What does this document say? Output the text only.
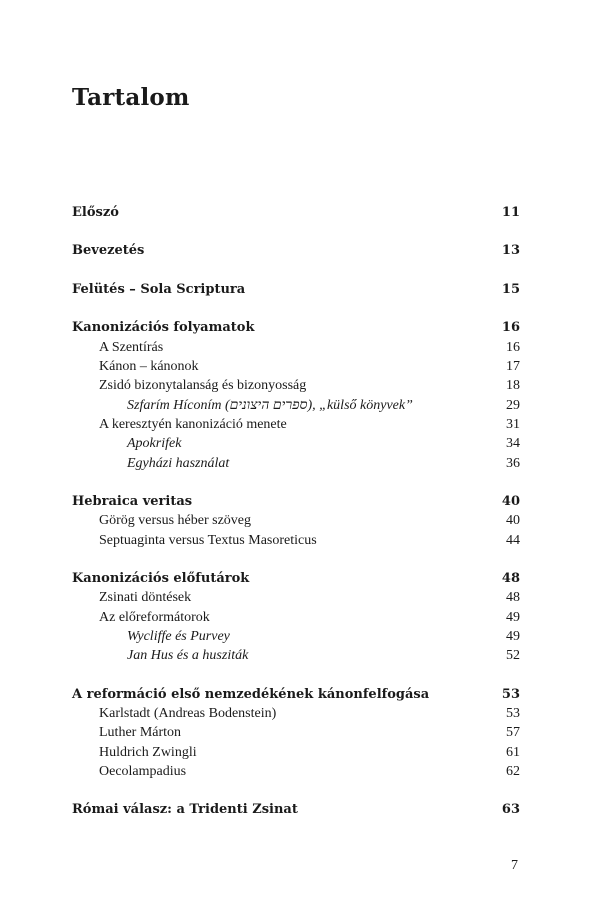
Tartalom
Előszó	11
Bevezetés	13
Felütés – Sola Scriptura	15
Kanonizációs folyamatok	16
A Szentírás	16
Kánon – kánonok	17
Zsidó bizonytalanság és bizonyosság	18
Szfarím Híconím (ספרים היצונים), „külső könyvek”	29
A keresztyén kanonizáció menete	31
Apokrifek	34
Egyházi használat	36
Hebraica veritas	40
Görög versus héber szöveg	40
Septuaginta versus Textus Masoreticus	44
Kanonizációs előfutárok	48
Zsinati döntések	48
Az előreformátorok	49
Wycliffe és Purvey	49
Jan Hus és a husziták	52
A reformáció első nemzedékének kánonfelfogása	53
Karlstadt (Andreas Bodenstein)	53
Luther Márton	57
Huldrich Zwingli	61
Oecolampadius	62
Római válasz: a Tridenti Zsinat	63
7
